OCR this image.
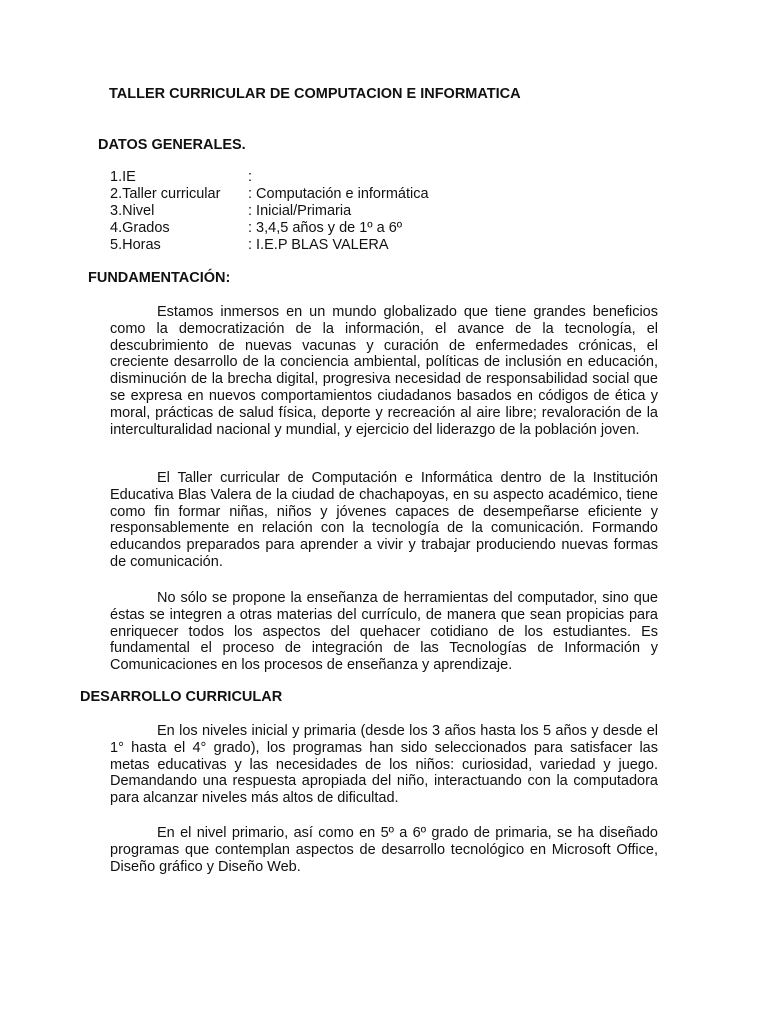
TALLER CURRICULAR DE COMPUTACION E INFORMATICA
DATOS GENERALES.
1.IE	:
2.Taller curricular	: Computación e informática
3.Nivel	: Inicial/Primaria
4.Grados	: 3,4,5 años y de 1º a 6º
5.Horas	: I.E.P BLAS VALERA
FUNDAMENTACIÓN:

Estamos inmersos en un mundo globalizado que tiene grandes beneficios como la democratización de la información, el avance de la tecnología, el descubrimiento de nuevas vacunas y curación de enfermedades crónicas, el creciente desarrollo de la conciencia ambiental, políticas de inclusión en educación, disminución de la brecha digital, progresiva necesidad de responsabilidad social que se expresa en nuevos comportamientos ciudadanos basados en códigos de ética y moral, prácticas de salud física, deporte y recreación al aire libre; revaloración de la interculturalidad nacional y mundial, y ejercicio del liderazgo de la población joven.

El Taller curricular de Computación e Informática dentro de la Institución Educativa Blas Valera de la ciudad de chachapoyas, en su aspecto académico, tiene como fin formar niñas, niños y jóvenes capaces de desempeñarse eficiente y responsablemente en relación con la tecnología de la comunicación. Formando educandos preparados para aprender a vivir y trabajar produciendo nuevas formas de comunicación.

No sólo se propone la enseñanza de herramientas del computador, sino que éstas se integren a otras materias del currículo, de manera que sean propicias para enriquecer todos los aspectos del quehacer cotidiano de los estudiantes. Es fundamental el proceso de integración de las Tecnologías de Información y Comunicaciones en los procesos de enseñanza y aprendizaje.

DESARROLLO CURRICULAR

En los niveles inicial y primaria (desde los 3 años hasta los 5 años y desde el 1° hasta el 4° grado), los programas han sido seleccionados para satisfacer las metas educativas y las necesidades de los niños: curiosidad, variedad y juego. Demandando una respuesta apropiada del niño, interactuando con la computadora para alcanzar niveles más altos de dificultad.

En el nivel primario, así como en 5º a 6º grado de primaria, se ha diseñado programas que contemplan aspectos de desarrollo tecnológico en Microsoft Office, Diseño gráfico y Diseño Web.
